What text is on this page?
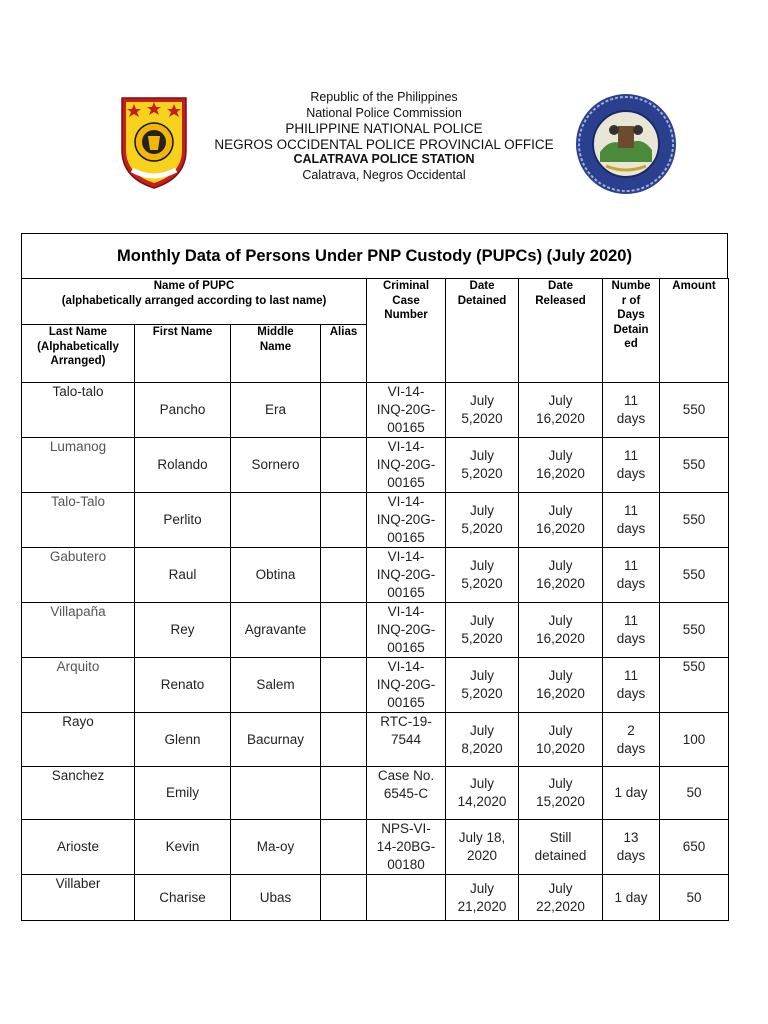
Republic of the Philippines
National Police Commission
PHILIPPINE NATIONAL POLICE
NEGROS OCCIDENTAL POLICE PROVINCIAL OFFICE
CALATRAVA POLICE STATION
Calatrava, Negros Occidental
Monthly Data of Persons Under PNP Custody (PUPCs) (July 2020)
Name of PUPC
(alphabetically arranged according to last name)				Criminal
Case
Number	Date
Detained	Date
Released	Numbe
r of
Days
Detain
ed	Amount
Last Name
(Alphabetically
Arranged)	First Name	Middle
Name	Alias					
Talo-talo	Pancho	Era		VI-14-
INQ-20G-
00165	July
5,2020	July
16,2020	11
days	550
Lumanog	Rolando	Sornero		VI-14-
INQ-20G-
00165	July
5,2020	July
16,2020	11
days	550
Talo-Talo	Perlito			VI-14-
INQ-20G-
00165	July
5,2020	July
16,2020	11
days	550
Gabutero	Raul	Obtina		VI-14-
INQ-20G-
00165	July
5,2020	July
16,2020	11
days	550
Villapaña	Rey	Agravante		VI-14-
INQ-20G-
00165	July
5,2020	July
16,2020	11
days	550
Arquito	Renato	Salem		VI-14-
INQ-20G-
00165	July
5,2020	July
16,2020	11
days	550
Rayo	Glenn	Bacurnay		RTC-19-
7544	July
8,2020	July
10,2020	2
days	100
Sanchez	Emily			Case No.
6545-C	July
14,2020	July
15,2020	1 day	50
Arioste	Kevin	Ma-oy		NPS-VI-
14-20BG-
00180	July 18,
2020	Still
detained	13
days	650
Villaber	Charise	Ubas			July
21,2020	July
22,2020	1 day	50
